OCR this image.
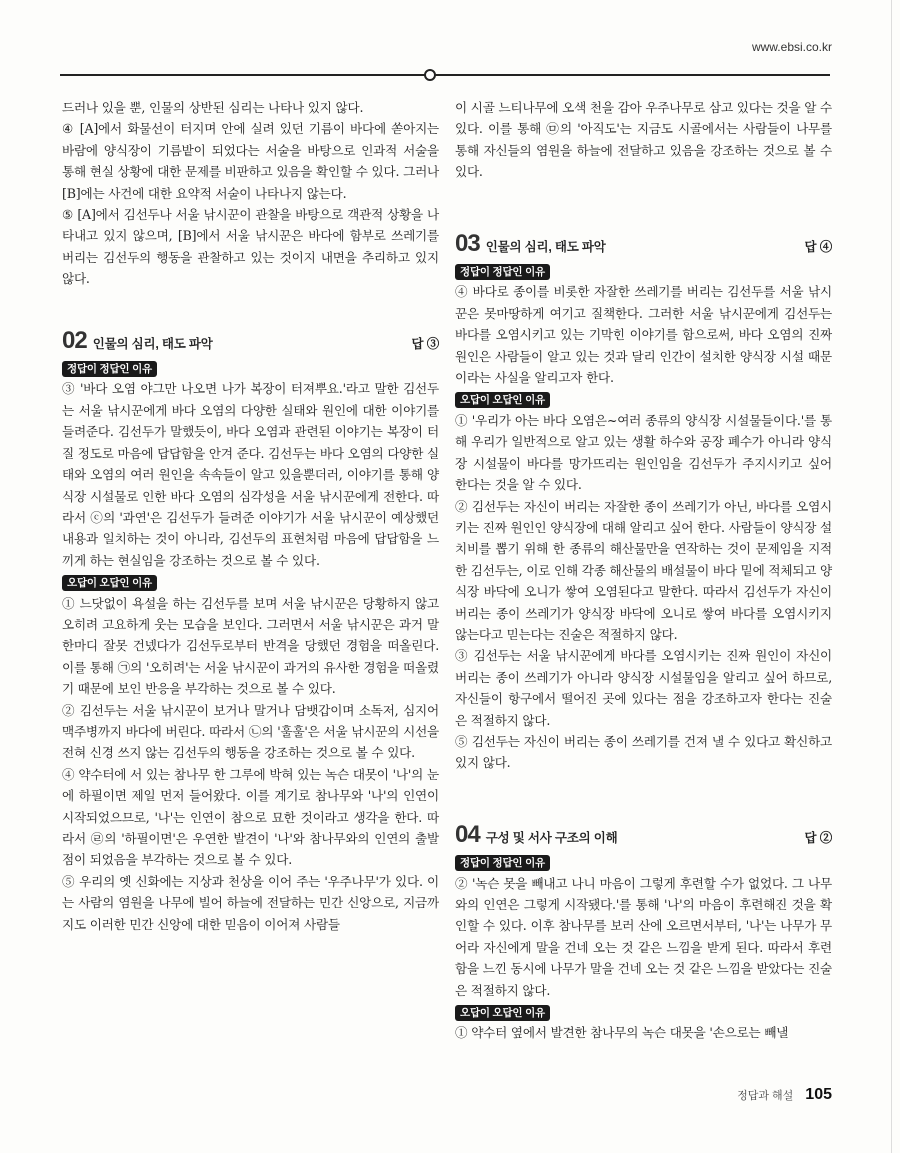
www.ebsi.co.kr

드러나 있을 뿐, 인물의 상반된 심리는 나타나 있지 않다.

④ [A]에서 화물선이 터지며 안에 실려 있던 기름이 바다에 쏟아지는 바람에 양식장이 기름밭이 되었다는 서술을 바탕으로 인과적 서술을 통해 현실 상황에 대한 문제를 비판하고 있음을 확인할 수 있다. 그러나 [B]에는 사건에 대한 요약적 서술이 나타나지 않는다.

⑤ [A]에서 김선두나 서울 낚시꾼이 관찰을 바탕으로 객관적 상황을 나타내고 있지 않으며, [B]에서 서울 낚시꾼은 바다에 함부로 쓰레기를 버리는 김선두의 행동을 관찰하고 있는 것이지 내면을 추리하고 있지 않다.

02 인물의 심리, 태도 파악	답 ③
정답이 정답인 이유

③ '바다 오염 야그만 나오면 나가 복장이 터져뿌요.'라고 말한 김선두는 서울 낚시꾼에게 바다 오염의 다양한 실태와 원인에 대한 이야기를 들려준다. 김선두가 말했듯이, 바다 오염과 관련된 이야기는 복장이 터질 정도로 마음에 답답함을 안겨 준다. 김선두는 바다 오염의 다양한 실태와 오염의 여러 원인을 속속들이 알고 있을뿐더러, 이야기를 통해 양식장 시설물로 인한 바다 오염의 심각성을 서울 낚시꾼에게 전한다. 따라서 ⓒ의 '과연'은 김선두가 들려준 이야기가 서울 낚시꾼이 예상했던 내용과 일치하는 것이 아니라, 김선두의 표현처럼 마음에 답답함을 느끼게 하는 현실임을 강조하는 것으로 볼 수 있다.

오답이 오답인 이유

① 느닷없이 욕설을 하는 김선두를 보며 서울 낚시꾼은 당황하지 않고 오히려 고요하게 웃는 모습을 보인다. 그러면서 서울 낚시꾼은 과거 말 한마디 잘못 건넸다가 김선두로부터 반격을 당했던 경험을 떠올린다. 이를 통해 ㉠의 '오히려'는 서울 낚시꾼이 과거의 유사한 경험을 떠올렸기 때문에 보인 반응을 부각하는 것으로 볼 수 있다.

② 김선두는 서울 낚시꾼이 보거나 말거나 담뱃갑이며 소독저, 심지어 맥주병까지 바다에 버린다. 따라서 ㉡의 '훌훌'은 서울 낚시꾼의 시선을 전혀 신경 쓰지 않는 김선두의 행동을 강조하는 것으로 볼 수 있다.

④ 약수터에 서 있는 참나무 한 그루에 박혀 있는 녹슨 대못이 '나'의 눈에 하필이면 제일 먼저 들어왔다. 이를 계기로 참나무와 '나'의 인연이 시작되었으므로, '나'는 인연이 참으로 묘한 것이라고 생각을 한다. 따라서 ㉣의 '하필이면'은 우연한 발견이 '나'와 참나무와의 인연의 출발점이 되었음을 부각하는 것으로 볼 수 있다.

⑤ 우리의 옛 신화에는 지상과 천상을 이어 주는 '우주나무'가 있다. 이는 사람의 염원을 나무에 빌어 하늘에 전달하는 민간 신앙으로, 지금까지도 이러한 민간 신앙에 대한 믿음이 이어져 사람들

이 시골 느티나무에 오색 천을 감아 우주나무로 삼고 있다는 것을 알 수 있다. 이를 통해 ㉤의 '아직도'는 지금도 시골에서는 사람들이 나무를 통해 자신들의 염원을 하늘에 전달하고 있음을 강조하는 것으로 볼 수 있다.

03 인물의 심리, 태도 파악	답 ④
정답이 정답인 이유

④ 바다로 종이를 비롯한 자잘한 쓰레기를 버리는 김선두를 서울 낚시꾼은 못마땅하게 여기고 질책한다. 그러한 서울 낚시꾼에게 김선두는 바다를 오염시키고 있는 기막힌 이야기를 함으로써, 바다 오염의 진짜 원인은 사람들이 알고 있는 것과 달리 인간이 설치한 양식장 시설 때문이라는 사실을 알리고자 한다.

오답이 오답인 이유

① '우리가 아는 바다 오염은~여러 종류의 양식장 시설물들이다.'를 통해 우리가 일반적으로 알고 있는 생활 하수와 공장 폐수가 아니라 양식장 시설물이 바다를 망가뜨리는 원인임을 김선두가 주지시키고 싶어 한다는 것을 알 수 있다.

② 김선두는 자신이 버리는 자잘한 종이 쓰레기가 아닌, 바다를 오염시키는 진짜 원인인 양식장에 대해 알리고 싶어 한다. 사람들이 양식장 설치비를 뽑기 위해 한 종류의 해산물만을 연작하는 것이 문제임을 지적한 김선두는, 이로 인해 각종 해산물의 배설물이 바다 밑에 적체되고 양식장 바닥에 오니가 쌓여 오염된다고 말한다. 따라서 김선두가 자신이 버리는 종이 쓰레기가 양식장 바닥에 오니로 쌓여 바다를 오염시키지 않는다고 믿는다는 진술은 적절하지 않다.

③ 김선두는 서울 낚시꾼에게 바다를 오염시키는 진짜 원인이 자신이 버리는 종이 쓰레기가 아니라 양식장 시설물임을 알리고 싶어 하므로, 자신들이 항구에서 떨어진 곳에 있다는 점을 강조하고자 한다는 진술은 적절하지 않다.

⑤ 김선두는 자신이 버리는 종이 쓰레기를 건져 낼 수 있다고 확신하고 있지 않다.

04 구성 및 서사 구조의 이해	답 ②
정답이 정답인 이유

② '녹슨 못을 빼내고 나니 마음이 그렇게 후련할 수가 없었다. 그 나무와의 인연은 그렇게 시작됐다.'를 통해 '나'의 마음이 후련해진 것을 확인할 수 있다. 이후 참나무를 보러 산에 오르면서부터, '나'는 나무가 무어라 자신에게 말을 건네 오는 것 같은 느낌을 받게 된다. 따라서 후련함을 느낀 동시에 나무가 말을 건네 오는 것 같은 느낌을 받았다는 진술은 적절하지 않다.

오답이 오답인 이유

① 약수터 옆에서 발견한 참나무의 녹슨 대못을 '손으로는 빼낼

정답과 해설 105
